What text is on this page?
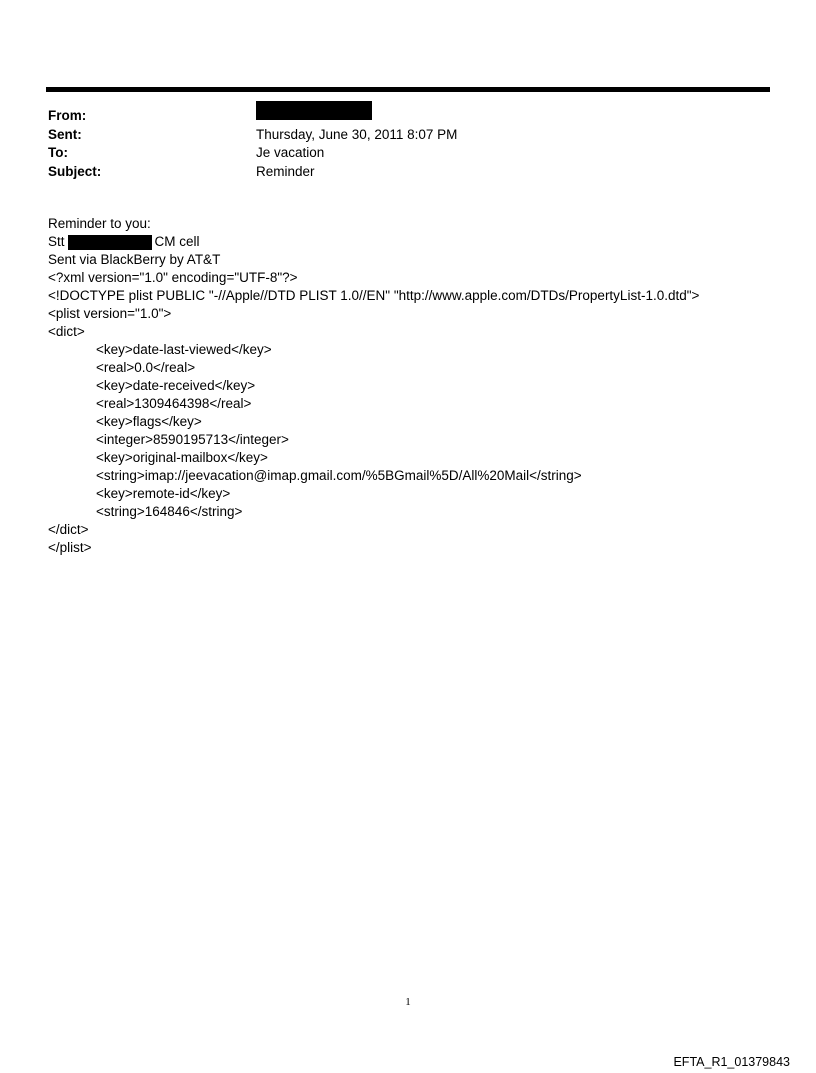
From:
Sent:	Thursday, June 30, 2011 8:07 PM
To:	Je vacation
Subject:	Reminder
Reminder to you:
Stt	CM cell
Sent via BlackBerry by AT&T
<?xml version="1.0" encoding="UTF-8"?>
<!DOCTYPE plist PUBLIC "-//Apple//DTD PLIST 1.0//EN" "http://www.apple.com/DTDs/PropertyList-1.0.dtd">
<plist version="1.0">
<dict>
<key>date-last-viewed</key>
<real>0.0</real>
<key>date-received</key>
<real>1309464398</real>
<key>flags</key>
<integer>8590195713</integer>
<key>original-mailbox</key>
<string>imap://jeevacation@imap.gmail.com/%5BGmail%5D/All%20Mail</string>
<key>remote-id</key>
<string>164846</string>
</dict>
</plist>
1
EFTA_R1_01379843
